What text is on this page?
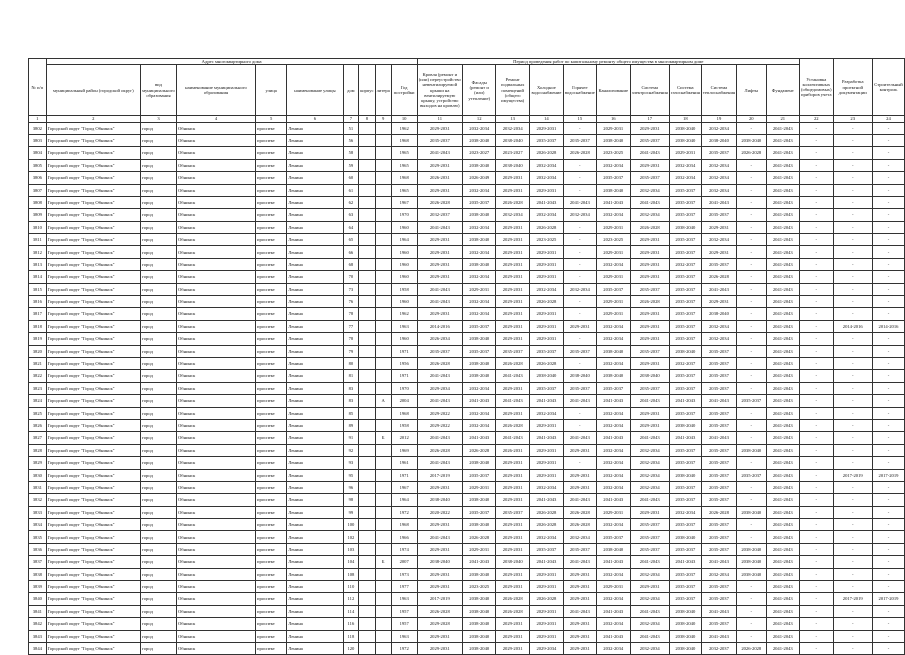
№ п/п	Адрес многоквартирного дома									Период проведения работ по капитальному ремонту общего имущества в многоквартирном доме											Установка коллективных (общедомовых) приборов учета	Разработка проектной документации	Строительный контроль
	муниципальный район (городской округ)	вид муниципального образования	наименование муниципального образования	улица	наименование улицы	дом	корпус	литера	Год постройки	Кровля (ремонт и (или) переустройство невентилируемой крыши на вентилируемую крышу, устройство выходов на кровлю)	Фасады (ремонт и (или) утепление)	Ремонт подвальных помещений (общего имущества)	Холодное водоснабжение	Горячее водоснабжение	Канализование	Система электроснабжения	Система газоснабжения	Система теплоснабжения	Лифты	Фундамент			
1	2	3	4	5	6	7	8	9	10	11	12	13	14	15	16	17	18	19	20	21	22	23	24
3802	Городской округ "Город Обнинск"	город	Обнинск	проспект	Ленина	51			1962	2029-2031	2032-2034	2032-2034	2029-2031	-	2029-2031	2029-2031	2038-2040	2032-2034	-	2041-2043	-	-	-
3803	Городской округ "Город Обнинск"	город	Обнинск	проспект	Ленина	56			1968	2035-2037	2038-2040	2038-2040	2035-2037	2035-2037	2038-2040	2035-2037	2038-2040	2038-2040	2038-2040	2041-2043	-	-	-
3804	Городской округ "Город Обнинск"	город	Обнинск	проспект	Ленина	58			1965	2041-2043	2023-2027	2023-2027	2026-2028	2026-2028	2023-2025	2041-2043	2029-2031	2035-2037	2026-2028	2041-2043	-	-	-
3805	Городской округ "Город Обнинск"	город	Обнинск	проспект	Ленина	59			1965	2029-2031	2038-2040	2038-2040	2032-2034	-	2032-2034	2029-2031	2032-2034	2032-2034	-	2041-2043	-	-	-
3806	Городской округ "Город Обнинск"	город	Обнинск	проспект	Ленина	60			1968	2026-2031	2026-2049	2029-2031	2032-2034	-	2035-2037	2035-2037	2032-2034	2032-2034	-	2041-2043	-	-	-
3807	Городской округ "Город Обнинск"	город	Обнинск	проспект	Ленина	61			1965	2029-2031	2032-2034	2029-2031	2029-2031	-	2038-2040	2032-2034	2035-2037	2032-2034	-	2041-2043	-	-	-
3808	Городской округ "Город Обнинск"	город	Обнинск	проспект	Ленина	62			1967	2026-2028	2035-2037	2026-2028	2041-2043	2041-2043	2041-2043	2041-2043	2035-2037	2041-2043	-	2041-2043	-	-	-
3809	Городской округ "Город Обнинск"	город	Обнинск	проспект	Ленина	63			1970	2032-2037	2038-2040	2032-2034	2032-2034	2032-2034	2032-2034	2032-2034	2035-2037	2035-2037	-	2041-2043	-	-	-
3810	Городской округ "Город Обнинск"	город	Обнинск	проспект	Ленина	64			1960	2041-2043	2032-2034	2029-2031	2026-2028	-	2029-2031	2026-2028	2038-2040	2029-2031	-	2041-2043	-	-	-
3811	Городской округ "Город Обнинск"	город	Обнинск	проспект	Ленина	65			1964	2029-2031	2038-2040	2029-2031	2023-2025	-	2023-2025	2029-2031	2035-2037	2032-2034	-	2041-2043	-	-	-
3812	Городской округ "Город Обнинск"	город	Обнинск	проспект	Ленина	66			1960	2029-2031	2032-2034	2029-2031	2029-2031	-	2029-2031	2029-2031	2035-2037	2029-2031	-	2041-2043	-	-	-
3813	Городской округ "Город Обнинск"	город	Обнинск	проспект	Ленина	68			1960	2029-2031	2038-2040	2029-2031	2029-2031	-	2032-2034	2029-2031	2032-2037	2035-2037	-	2041-2043	-	-	-
3814	Городской округ "Город Обнинск"	город	Обнинск	проспект	Ленина	70			1960	2029-2031	2032-2034	2029-2031	2029-2031	-	2029-2031	2029-2031	2035-2037	2026-2028	-	2041-2043	-	-	-
3815	Городской округ "Город Обнинск"	город	Обнинск	проспект	Ленина	73			1958	2041-2043	2029-2031	2029-2031	2032-2034	2032-2034	2035-2037	2035-2037	2035-2037	2041-2043	-	2041-2043	-	-	-
3816	Городской округ "Город Обнинск"	город	Обнинск	проспект	Ленина	76			1960	2041-2043	2032-2034	2029-2031	2026-2028	-	2029-2031	2026-2028	2035-2037	2029-2031	-	2041-2043	-	-	-
3817	Городской округ "Город Обнинск"	город	Обнинск	проспект	Ленина	78			1962	2029-2031	2032-2034	2029-2031	2029-2031	-	2029-2031	2029-2031	2035-2037	2038-2040	-	2041-2043	-	-	-
3818	Городской округ "Город Обнинск"	город	Обнинск	проспект	Ленина	77			1963	2014-2016	2035-2037	2029-2031	2029-2031	2029-2031	2032-2034	2029-2031	2035-2037	2032-2034	-	2041-2043	-	2014-2016	2014-2016
3819	Городской округ "Город Обнинск"	город	Обнинск	проспект	Ленина	78			1960	2026-2034	2038-2040	2029-2031	2029-2031	-	2032-2034	2029-2031	2035-2037	2032-2034	-	2041-2043	-	-	-
3820	Городской округ "Город Обнинск"	город	Обнинск	проспект	Ленина	79			1971	2035-2037	2035-2037	2035-2037	2035-2037	2035-2037	2038-2040	2035-2037	2038-2040	2035-2037	-	2041-2043	-	-	-
3821	Городской округ "Город Обнинск"	город	Обнинск	проспект	Ленина	80			1956	2026-2028	2038-2040	2026-2028	2026-2028	-	2032-2034	2029-2031	2032-2037	2035-2037	-	2041-2043	-	-	-
3822	Городской округ "Город Обнинск"	город	Обнинск	проспект	Ленина	81			1971	2041-2043	2038-2040	2041-2043	2038-2040	2038-2040	2038-2040	2038-2040	2035-2037	2035-2037	-	2041-2043	-	-	-
3823	Городской округ "Город Обнинск"	город	Обнинск	проспект	Ленина	83			1970	2029-2034	2032-2034	2029-2031	2035-2037	2035-2037	2035-2037	2035-2037	2035-2037	2035-2037	-	2041-2043	-	-	-
3824	Городской округ "Город Обнинск"	город	Обнинск	проспект	Ленина	83		А	2004	2041-2043	2041-2043	2041-2043	2041-2043	2041-2043	2041-2043	2041-2043	2041-2043	2041-2043	2035-2037	2041-2043	-	-	-
3825	Городской округ "Город Обнинск"	город	Обнинск	проспект	Ленина	85			1968	2029-2022	2032-2034	2029-2031	2032-2034	-	2032-2034	2029-2031	2035-2037	2035-2037	-	2041-2043	-	-	-
3826	Городской округ "Город Обнинск"	город	Обнинск	проспект	Ленина	89			1958	2029-2022	2032-2034	2026-2028	2029-2031	-	2032-2034	2029-2031	2038-2040	2035-2037	-	2041-2043	-	-	-
3827	Городской округ "Город Обнинск"	город	Обнинск	проспект	Ленина	91		Б	2012	2041-2043	2041-2043	2041-2043	2041-2043	2041-2043	2041-2043	2041-2043	2041-2043	2041-2043	-	2041-2043	-	-	-
3828	Городской округ "Город Обнинск"	город	Обнинск	проспект	Ленина	92			1969	2026-2028	2026-2028	2026-2031	2029-2031	2029-2031	2032-2034	2032-2034	2035-2037	2035-2037	2038-2040	2041-2043	-	-	-
3829	Городской округ "Город Обнинск"	город	Обнинск	проспект	Ленина	93			1961	2041-2043	2038-2040	2029-2031	2029-2031	-	2032-2034	2032-2034	2035-2037	2035-2037	-	2041-2043	-	-	-
3830	Городской округ "Город Обнинск"	город	Обнинск	проспект	Ленина	95			1971	2017-2019	2035-2037	2029-2031	2029-2031	2029-2031	2032-2034	2032-2034	2038-2040	2035-2037	2035-2037	2041-2043	-	2017-2019	2017-2019
3831	Городской округ "Город Обнинск"	город	Обнинск	проспект	Ленина	96			1967	2029-2031	2029-2031	2029-2031	2032-2034	2029-2031	2032-2034	2032-2034	2035-2037	2035-2037	-	2041-2043	-	-	-
3832	Городской округ "Город Обнинск"	город	Обнинск	проспект	Ленина	98			1964	2038-2040	2038-2040	2029-2031	2041-2043	2041-2043	2041-2043	2041-2043	2035-2037	2035-2037	-	2041-2043	-	-	-
3833	Городской округ "Город Обнинск"	город	Обнинск	проспект	Ленина	99			1972	2020-2022	2035-2037	2035-2037	2026-2028	2026-2028	2029-2031	2029-2031	2032-2034	2026-2028	2038-2040	2041-2043	-	-	-
3834	Городской округ "Город Обнинск"	город	Обнинск	проспект	Ленина	100			1968	2029-2031	2038-2040	2029-2031	2026-2028	2026-2028	2032-2034	2035-2037	2035-2037	2035-2037	-	2041-2043	-	-	-
3835	Городской округ "Город Обнинск"	город	Обнинск	проспект	Ленина	102			1966	2041-2043	2026-2028	2029-2031	2032-2034	2032-2034	2035-2037	2035-2037	2038-2040	2035-2037	-	2041-2043	-	-	-
3836	Городской округ "Город Обнинск"	город	Обнинск	проспект	Ленина	103			1974	2029-2031	2029-2031	2029-2031	2035-2037	2035-2037	2038-2040	2035-2037	2035-2037	2035-2037	2038-2040	2041-2043	-	-	-
3837	Городской округ "Город Обнинск"	город	Обнинск	проспект	Ленина	104		Б	2007	2038-2040	2041-2043	2038-2040	2041-2043	2041-2043	2041-2043	2041-2043	2041-2043	2041-2043	2038-2040	2041-2043	-	-	-
3838	Городской округ "Город Обнинск"	город	Обнинск	проспект	Ленина	108			1973	2029-2031	2038-2040	2029-2031	2029-2031	2029-2031	2032-2034	2032-2034	2035-2037	2032-2034	2038-2040	2041-2043	-	-	-
3839	Городской округ "Город Обнинск"	город	Обнинск	проспект	Ленина	110			1977	2029-2031	2023-2025	2029-2031	2029-2031	2029-2031	2029-2031	2029-2031	2035-2037	2035-2037	-	2041-2043	-	-	-
3840	Городской округ "Город Обнинск"	город	Обнинск	проспект	Ленина	112			1963	2017-2019	2038-2040	2026-2028	2026-2028	2029-2031	2032-2034	2032-2034	2035-2037	2035-2037	-	2041-2043	-	2017-2019	2017-2019
3841	Городской округ "Город Обнинск"	город	Обнинск	проспект	Ленина	114			1957	2026-2028	2038-2040	2026-2028	2029-2031	2041-2043	2041-2043	2041-2043	2038-2040	2041-2043	-	2041-2043	-	-	-
3842	Городской округ "Город Обнинск"	город	Обнинск	проспект	Ленина	116			1957	2029-2028	2038-2040	2029-2031	2029-2031	2029-2031	2032-2034	2032-2034	2038-2040	2035-2037	-	2041-2043	-	-	-
3843	Городской округ "Город Обнинск"	город	Обнинск	проспект	Ленина	118			1963	2029-2031	2038-2040	2029-2031	2029-2031	2029-2031	2041-2043	2041-2043	2038-2040	2041-2043	-	2041-2043	-	-	-
3844	Городской округ "Город Обнинск"	город	Обнинск	проспект	Ленина	120			1972	2029-2031	2038-2040	2029-2031	2029-2034	2029-2031	2032-2034	2032-2034	2038-2040	2032-2037	2026-2028	2041-2043	-	-	-
